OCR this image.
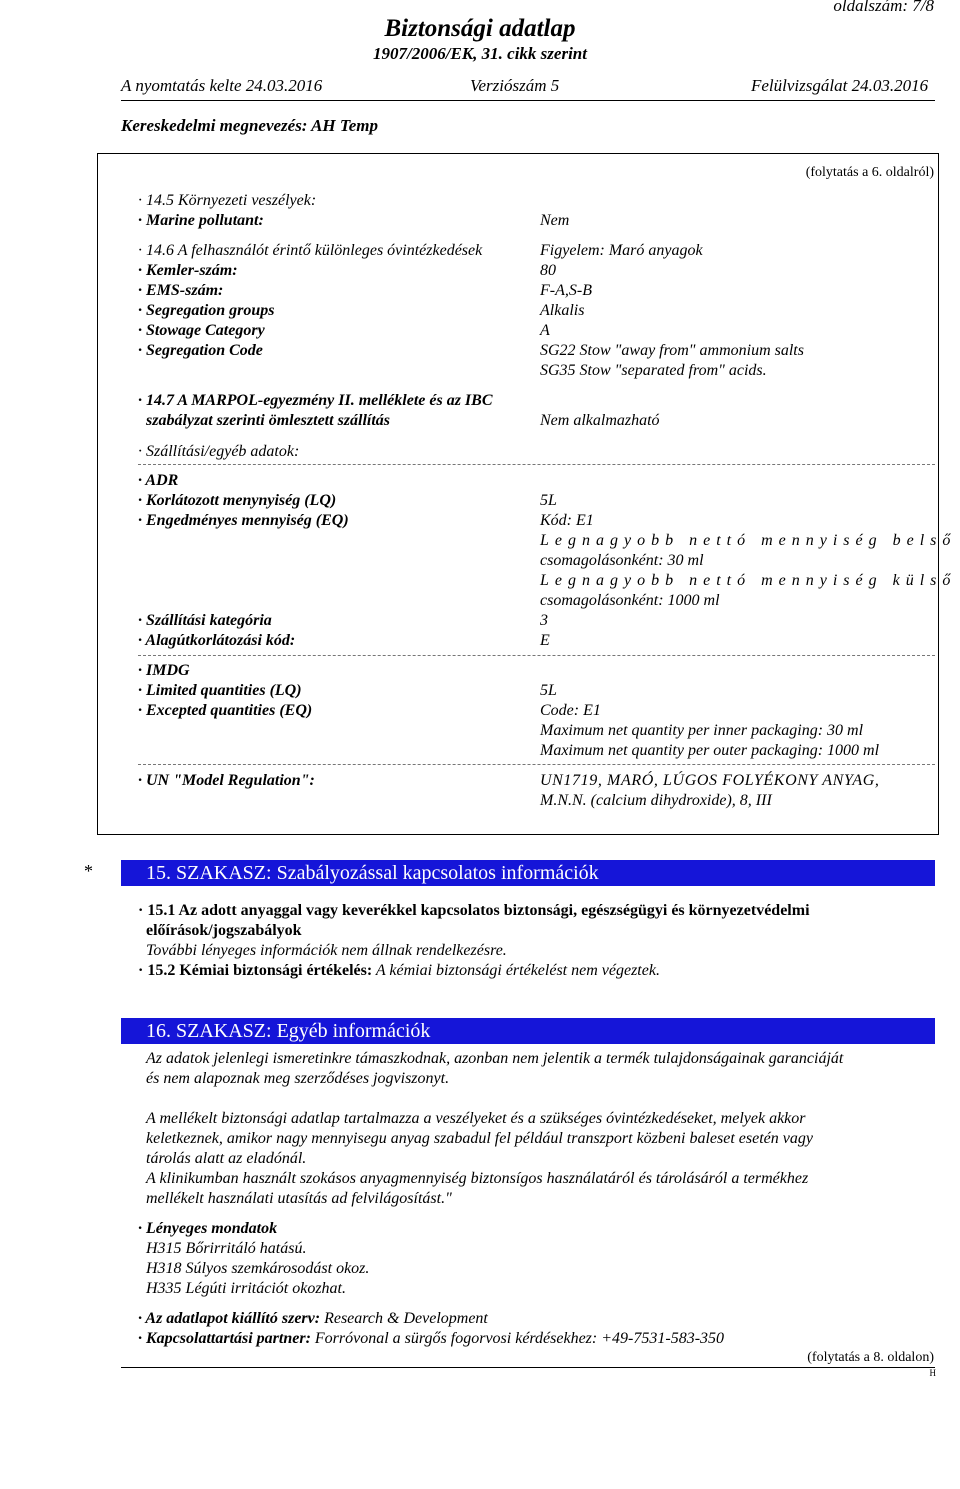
oldalszám: 7/8
Biztonsági adatlap
1907/2006/EK, 31. cikk szerint
A nyomtatás kelte 24.03.2016	Verziószám 5	Felülvizsgálat 24.03.2016
Kereskedelmi megnevezés: AH Temp
(folytatás a 6. oldalról)
· 14.5 Környezeti veszélyek:
· Marine pollutant:	Nem
· 14.6 A felhasználót érintő különleges óvintézkedések	Figyelem: Maró anyagok
· Kemler-szám:	80
· EMS-szám:	F-A,S-B
· Segregation groups	Alkalis
· Stowage Category	A
· Segregation Code	SG22 Stow "away from" ammonium salts
SG35 Stow "separated from" acids.
· 14.7 A MARPOL-egyezmény II. melléklete és az IBC
szabályzat szerinti ömlesztett szállítás	Nem alkalmazható
· Szállítási/egyéb adatok:
· ADR
· Korlátozott menynyiség (LQ)	5L
· Engedményes mennyiség (EQ)	Kód: E1
Legnagyobb nettó mennyiség belső
csomagolásonként: 30 ml
Legnagyobb nettó mennyiség külső
csomagolásonként: 1000 ml
· Szállítási kategória	3
· Alagútkorlátozási kód:	E
· IMDG
· Limited quantities (LQ)	5L
· Excepted quantities (EQ)	Code: E1
Maximum net quantity per inner packaging: 30 ml
Maximum net quantity per outer packaging: 1000 ml
· UN "Model Regulation":	UN1719, MARÓ, LÚGOS FOLYÉKONY ANYAG,
M.N.N. (calcium dihydroxide), 8, III
*	15. SZAKASZ: Szabályozással kapcsolatos információk
· 15.1 Az adott anyaggal vagy keverékkel kapcsolatos biztonsági, egészségügyi és környezetvédelmi
előírások/jogszabályok
További lényeges információk nem állnak rendelkezésre.
· 15.2 Kémiai biztonsági értékelés: A kémiai biztonsági értékelést nem végeztek.
16. SZAKASZ: Egyéb információk
Az adatok jelenlegi ismeretinkre támaszkodnak, azonban nem jelentik a termék tulajdonságainak garanciáját
és nem alapoznak meg szerződéses jogviszonyt.
A mellékelt biztonsági adatlap tartalmazza a veszélyeket és a szükséges óvintézkedéseket, melyek akkor
keletkeznek, amikor nagy mennyisegu anyag szabadul fel például transzport közbeni baleset esetén vagy
tárolás alatt az eladónál.
A klinikumban használt szokásos anyagmennyiség biztonsígos használatáról és tárolásáról a termékhez
mellékelt használati utasítás ad felvilágosítást."
· Lényeges mondatok
H315 Bőrirritáló hatású.
H318 Súlyos szemkárosodást okoz.
H335 Légúti irritációt okozhat.
· Az adatlapot kiállító szerv: Research & Development
· Kapcsolattartási partner: Forróvonal a sürgős fogorvosi kérdésekhez: +49-7531-583-350
(folytatás a 8. oldalon)
H
